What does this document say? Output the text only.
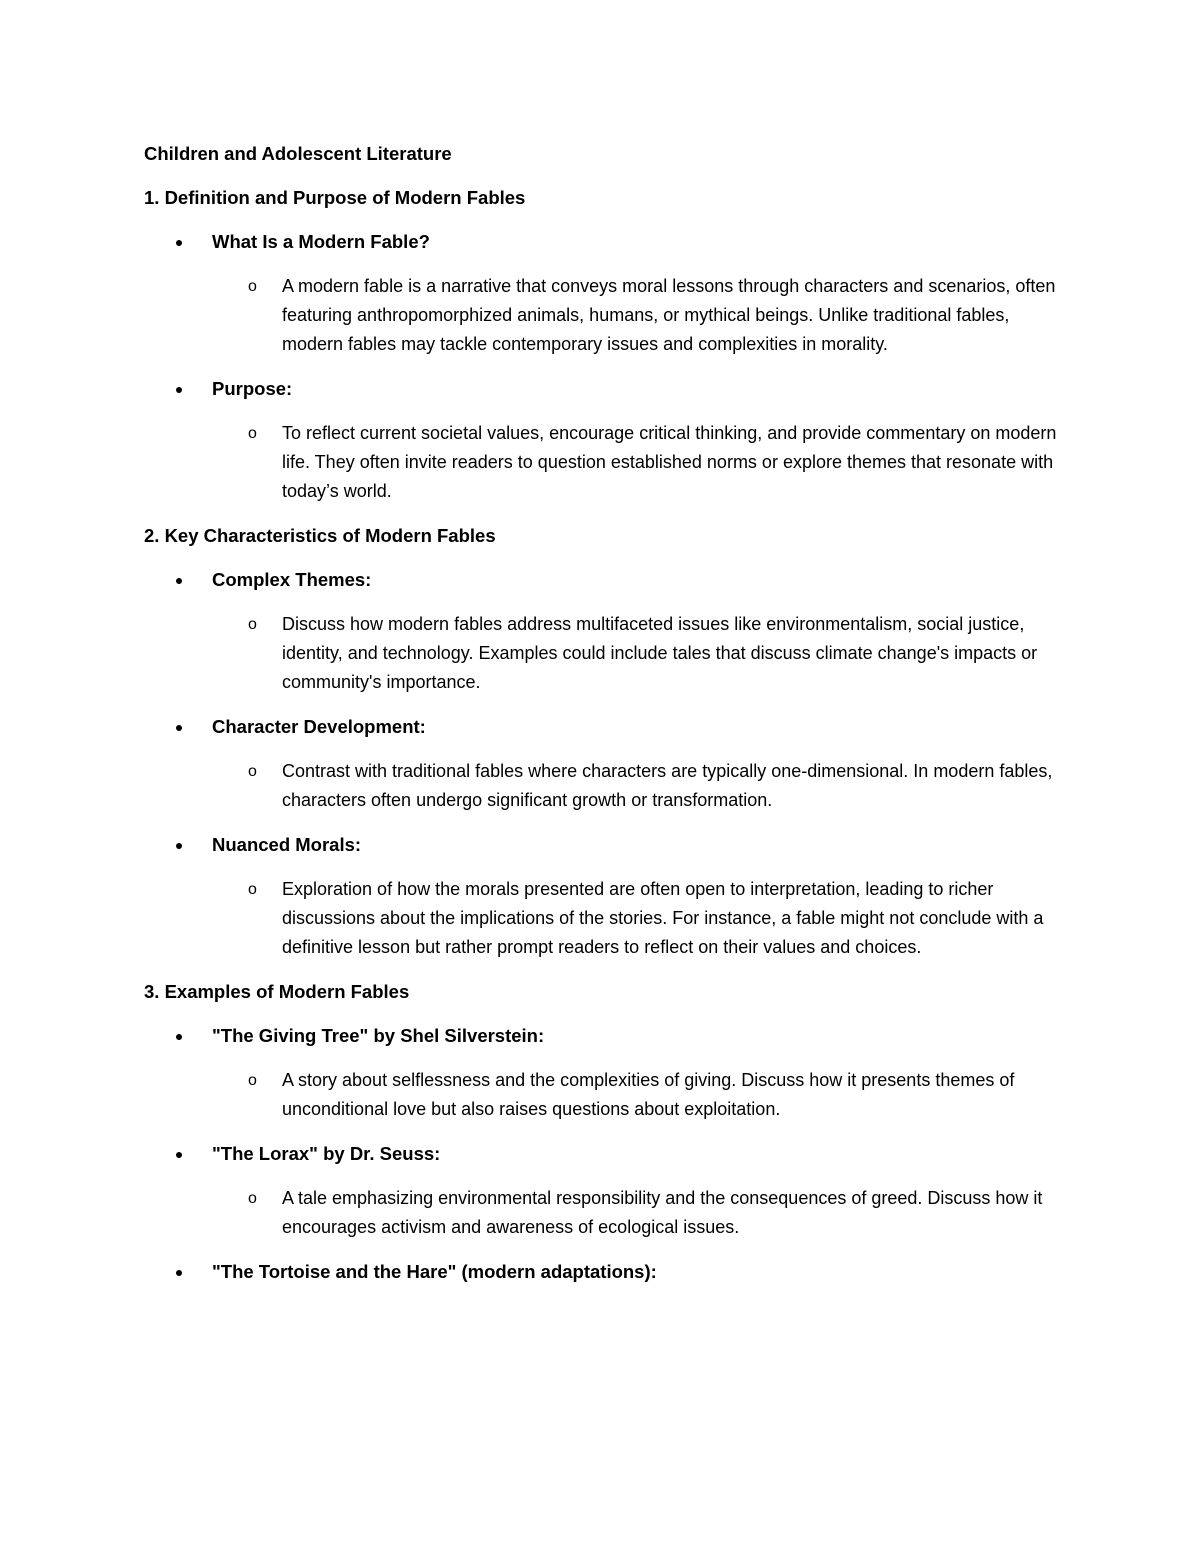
Children and Adolescent Literature

1. Definition and Purpose of Modern Fables

What Is a Modern Fable?
o A modern fable is a narrative that conveys moral lessons through characters and scenarios, often featuring anthropomorphized animals, humans, or mythical beings. Unlike traditional fables, modern fables may tackle contemporary issues and complexities in morality.
Purpose:
o To reflect current societal values, encourage critical thinking, and provide commentary on modern life. They often invite readers to question established norms or explore themes that resonate with today’s world.

2. Key Characteristics of Modern Fables

Complex Themes:
o Discuss how modern fables address multifaceted issues like environmentalism, social justice, identity, and technology. Examples could include tales that discuss climate change's impacts or community's importance.
Character Development:
o Contrast with traditional fables where characters are typically one-dimensional. In modern fables, characters often undergo significant growth or transformation.
Nuanced Morals:
o Exploration of how the morals presented are often open to interpretation, leading to richer discussions about the implications of the stories. For instance, a fable might not conclude with a definitive lesson but rather prompt readers to reflect on their values and choices.

3. Examples of Modern Fables

"The Giving Tree" by Shel Silverstein:
o A story about selflessness and the complexities of giving. Discuss how it presents themes of unconditional love but also raises questions about exploitation.
"The Lorax" by Dr. Seuss:
o A tale emphasizing environmental responsibility and the consequences of greed. Discuss how it encourages activism and awareness of ecological issues.
"The Tortoise and the Hare" (modern adaptations):
